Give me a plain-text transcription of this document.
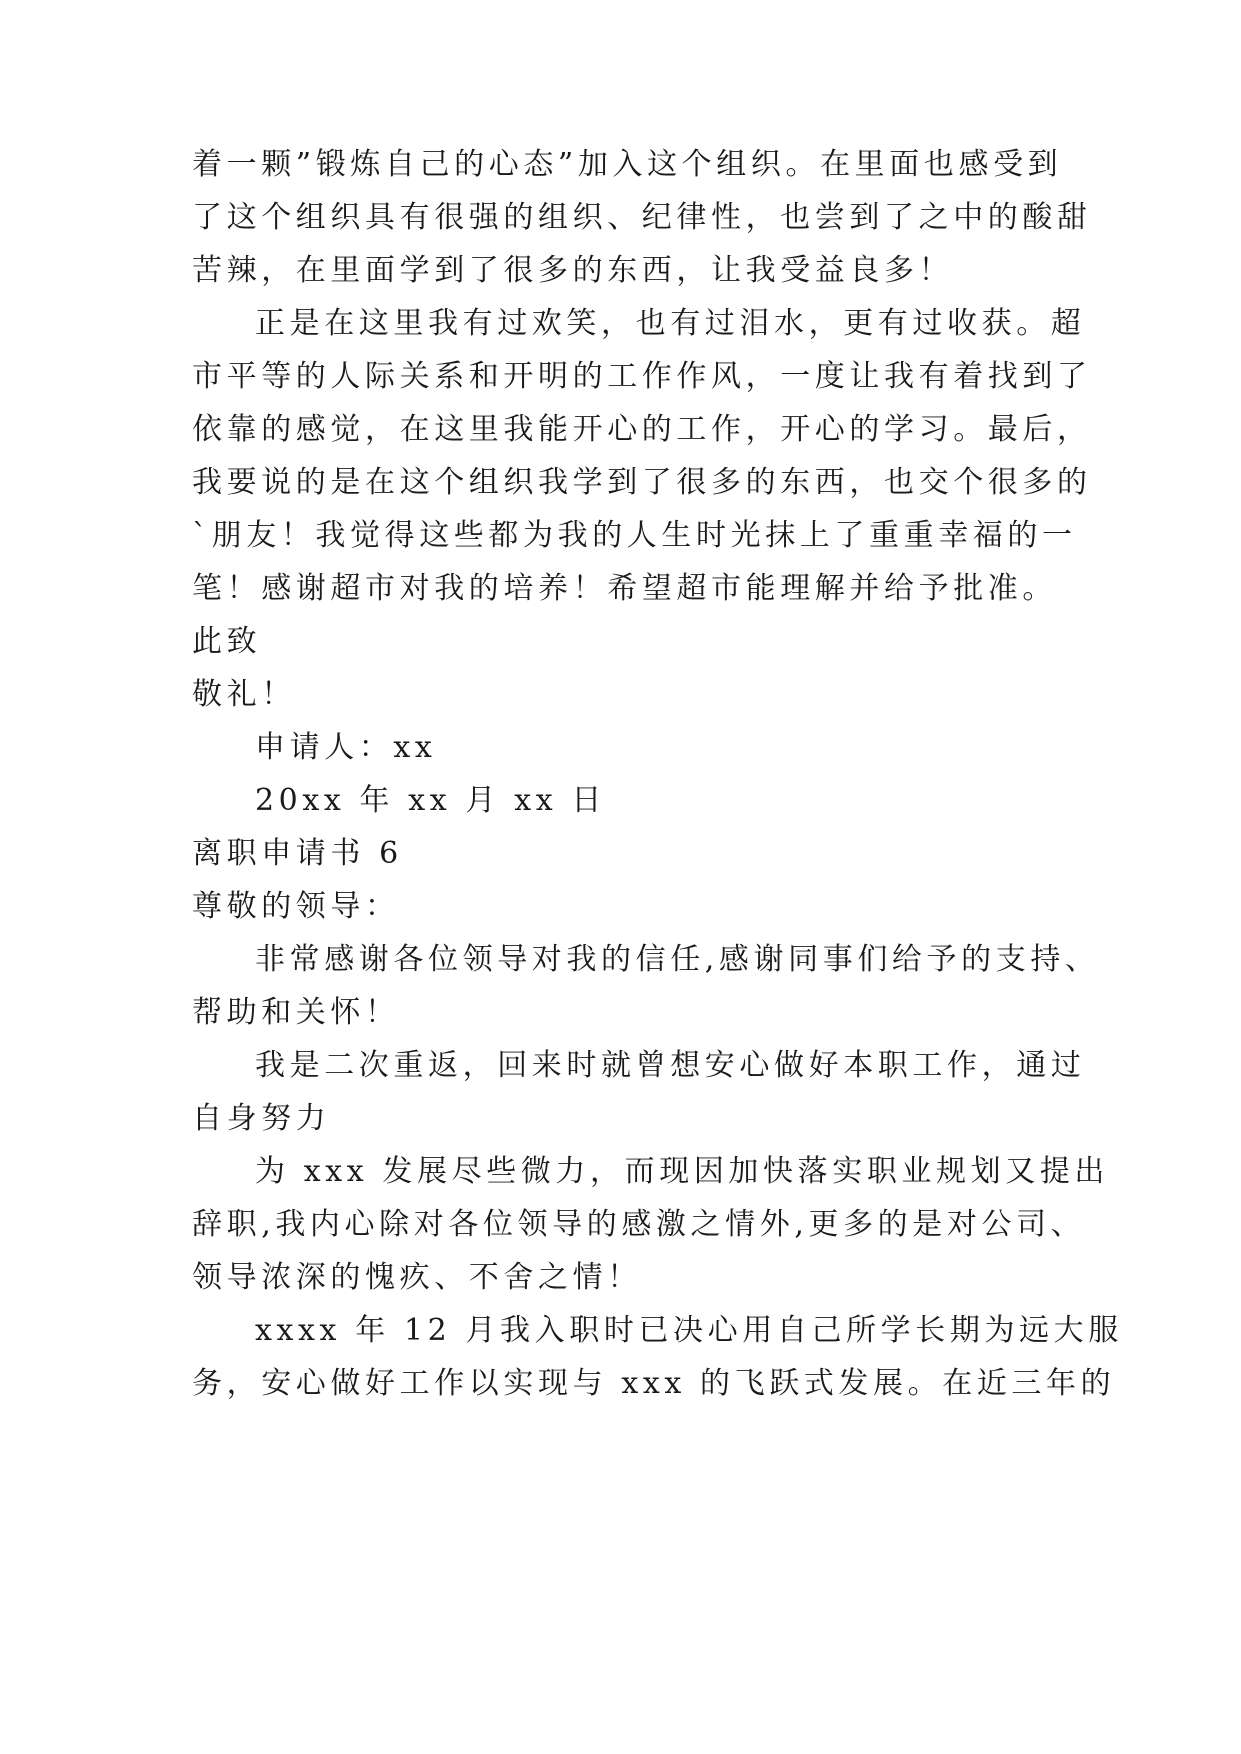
着一颗”锻炼自己的心态”加入这个组织。在里面也感受到
了这个组织具有很强的组织、纪律性，也尝到了之中的酸甜
苦辣，在里面学到了很多的东西，让我受益良多！
正是在这里我有过欢笑，也有过泪水，更有过收获。超
市平等的人际关系和开明的工作作风，一度让我有着找到了
依靠的感觉，在这里我能开心的工作，开心的学习。最后，
我要说的是在这个组织我学到了很多的东西，也交个很多的
`朋友！我觉得这些都为我的人生时光抹上了重重幸福的一
笔！感谢超市对我的培养！希望超市能理解并给予批准。
此致
敬礼！
申请人：xx
20xx 年 xx 月 xx 日
离职申请书 6
尊敬的领导：
非常感谢各位领导对我的信任,感谢同事们给予的支持、
帮助和关怀！
我是二次重返，回来时就曾想安心做好本职工作，通过
自身努力
为 xxx 发展尽些微力，而现因加快落实职业规划又提出
辞职,我内心除对各位领导的感激之情外,更多的是对公司、
领导浓深的愧疚、不舍之情！
xxxx 年 12 月我入职时已决心用自己所学长期为远大服
务，安心做好工作以实现与 xxx 的飞跃式发展。在近三年的
